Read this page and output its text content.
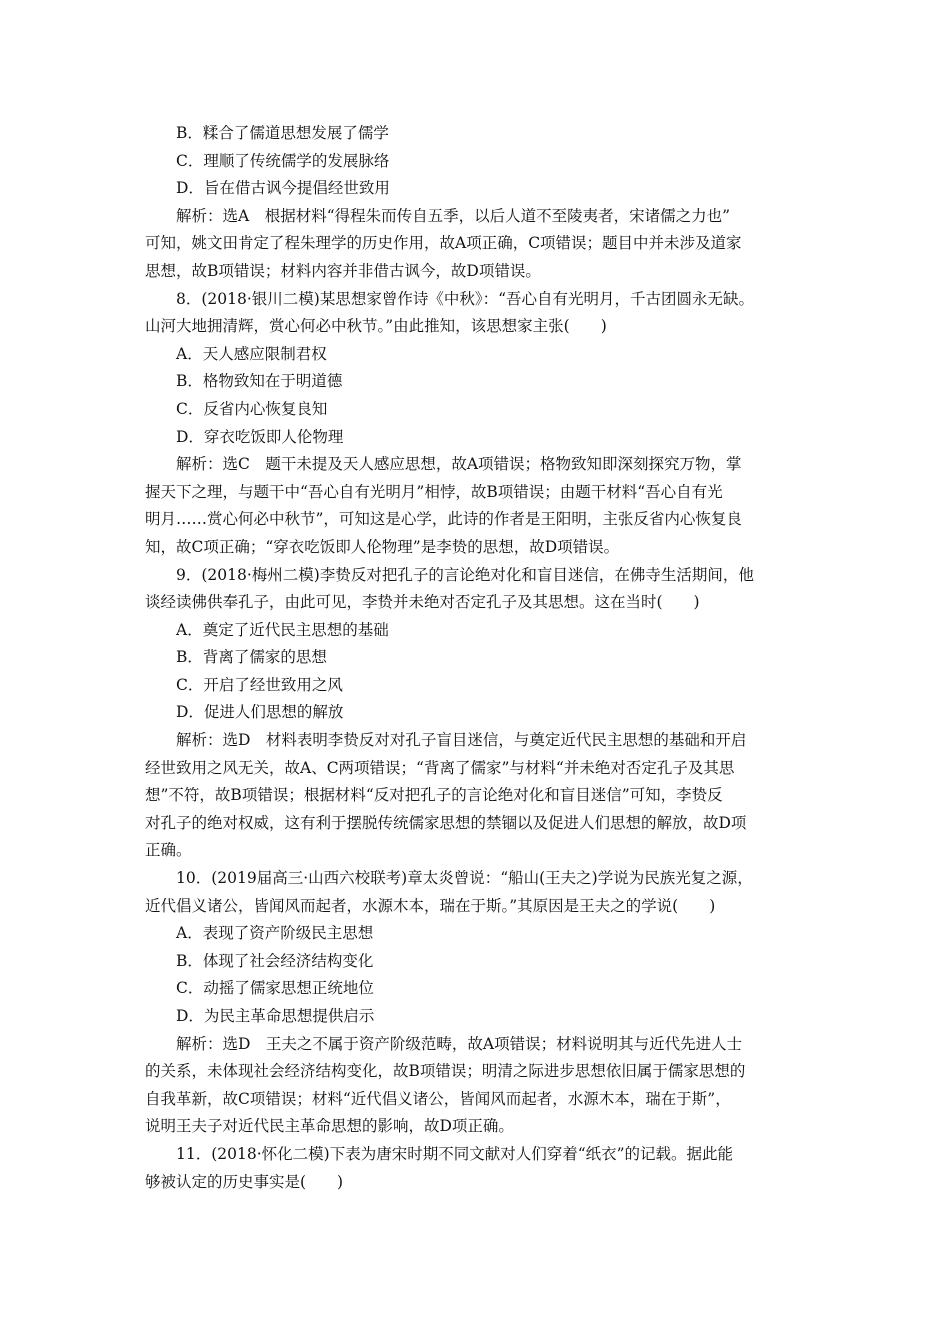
B．糅合了儒道思想发展了儒学
C．理顺了传统儒学的发展脉络
D．旨在借古讽今提倡经世致用
解析：选A　根据材料“得程朱而传自五季，以后人道不至陵夷者，宋诸儒之力也”
可知，姚文田肯定了程朱理学的历史作用，故A项正确，C项错误；题目中并未涉及道家
思想，故B项错误；材料内容并非借古讽今，故D项错误。
8．(2018·银川二模)某思想家曾作诗《中秋》：“吾心自有光明月，千古团圆永无缺。
山河大地拥清辉，赏心何必中秋节。”由此推知，该思想家主张(　　)
A．天人感应限制君权
B．格物致知在于明道德
C．反省内心恢复良知
D．穿衣吃饭即人伦物理
解析：选C　题干未提及天人感应思想，故A项错误；格物致知即深刻探究万物，掌
握天下之理，与题干中“吾心自有光明月”相悖，故B项错误；由题干材料“吾心自有光
明月……赏心何必中秋节”，可知这是心学，此诗的作者是王阳明，主张反省内心恢复良
知，故C项正确；“穿衣吃饭即人伦物理”是李贽的思想，故D项错误。
9．(2018·梅州二模)李贽反对把孔子的言论绝对化和盲目迷信，在佛寺生活期间，他
谈经读佛供奉孔子，由此可见，李贽并未绝对否定孔子及其思想。这在当时(　　)
A．奠定了近代民主思想的基础
B．背离了儒家的思想
C．开启了经世致用之风
D．促进人们思想的解放
解析：选D　材料表明李贽反对对孔子盲目迷信，与奠定近代民主思想的基础和开启
经世致用之风无关，故A、C两项错误；“背离了儒家”与材料“并未绝对否定孔子及其思
想”不符，故B项错误；根据材料“反对把孔子的言论绝对化和盲目迷信”可知，李贽反
对孔子的绝对权威，这有利于摆脱传统儒家思想的禁锢以及促进人们思想的解放，故D项
正确。
10．(2019届高三·山西六校联考)章太炎曾说：“船山(王夫之)学说为民族光复之源，
近代倡义诸公，皆闻风而起者，水源木本，瑞在于斯。”其原因是王夫之的学说(　　)
A．表现了资产阶级民主思想
B．体现了社会经济结构变化
C．动摇了儒家思想正统地位
D．为民主革命思想提供启示
解析：选D　王夫之不属于资产阶级范畴，故A项错误；材料说明其与近代先进人士
的关系，未体现社会经济结构变化，故B项错误；明清之际进步思想依旧属于儒家思想的
自我革新，故C项错误；材料“近代倡义诸公，皆闻风而起者，水源木本，瑞在于斯”，
说明王夫子对近代民主革命思想的影响，故D项正确。
11．(2018·怀化二模)下表为唐宋时期不同文献对人们穿着“纸衣”的记载。据此能
够被认定的历史事实是(　　)
